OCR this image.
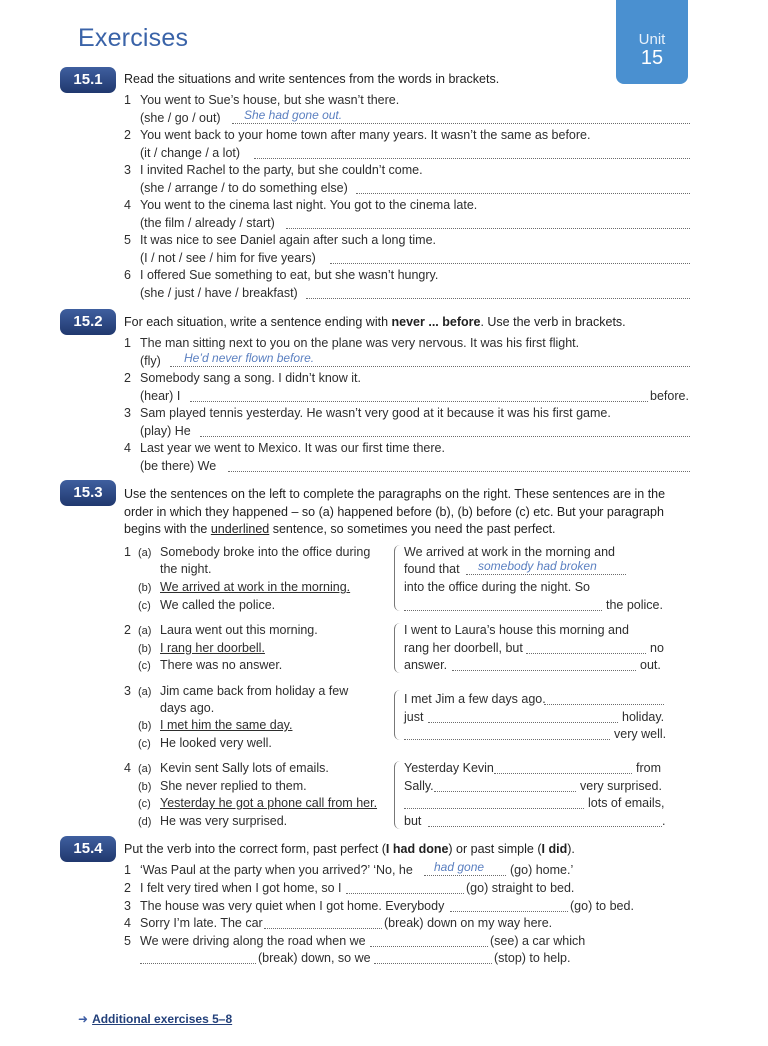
Exercises	Unit
15
15.1	Read the situations and write sentences from the words in brackets.
1 You went to Sue’s house, but she wasn’t there.
(she / go / out) She had gone out.
2 You went back to your home town after many years. It wasn’t the same as before.
(it / change / a lot)
3 I invited Rachel to the party, but she couldn’t come.
(she / arrange / to do something else)
4 You went to the cinema last night. You got to the cinema late.
(the film / already / start)
5 It was nice to see Daniel again after such a long time.
(I / not / see / him for five years)
6 I offered Sue something to eat, but she wasn’t hungry.
(she / just / have / breakfast)
15.2	For each situation, write a sentence ending with never ... before. Use the verb in brackets.
1 The man sitting next to you on the plane was very nervous. It was his first flight.
(fly) He’d never flown before.
2 Somebody sang a song. I didn’t know it.
(hear) I	before.
3 Sam played tennis yesterday. He wasn’t very good at it because it was his first game.
(play) He
4 Last year we went to Mexico. It was our first time there.
(be there) We
15.3	Use the sentences on the left to complete the paragraphs on the right. These sentences are in the
order in which they happened – so (a) happened before (b), (b) before (c) etc. But your paragraph
begins with the underlined sentence, so sometimes you need the past perfect.
1 (a) Somebody broke into the office during
the night.
(b) We arrived at work in the morning.
(c) We called the police.
We arrived at work in the morning and
found that somebody had broken
into the office during the night. So
the police.
2 (a) Laura went out this morning.
(b) I rang her doorbell.
(c) There was no answer.
I went to Laura’s house this morning and
rang her doorbell, but	no
answer.	out.
3 (a) Jim came back from holiday a few
days ago.
(b) I met him the same day.
(c) He looked very well.
I met Jim a few days ago.
just	holiday.
very well.
4 (a) Kevin sent Sally lots of emails.
(b) She never replied to them.
(c) Yesterday he got a phone call from her.
(d) He was very surprised.
Yesterday Kevin	from
Sally.	very surprised.
lots of emails,
but	.
15.4	Put the verb into the correct form, past perfect (I had done) or past simple (I did).
1 ‘Was Paul at the party when you arrived?’ ‘No, he had gone (go) home.’
2 I felt very tired when I got home, so I	(go) straight to bed.
3 The house was very quiet when I got home. Everybody	(go) to bed.
4 Sorry I’m late. The car	(break) down on my way here.
5 We were driving along the road when we	(see) a car which
(break) down, so we	(stop) to help.
➜ Additional exercises 5–8
